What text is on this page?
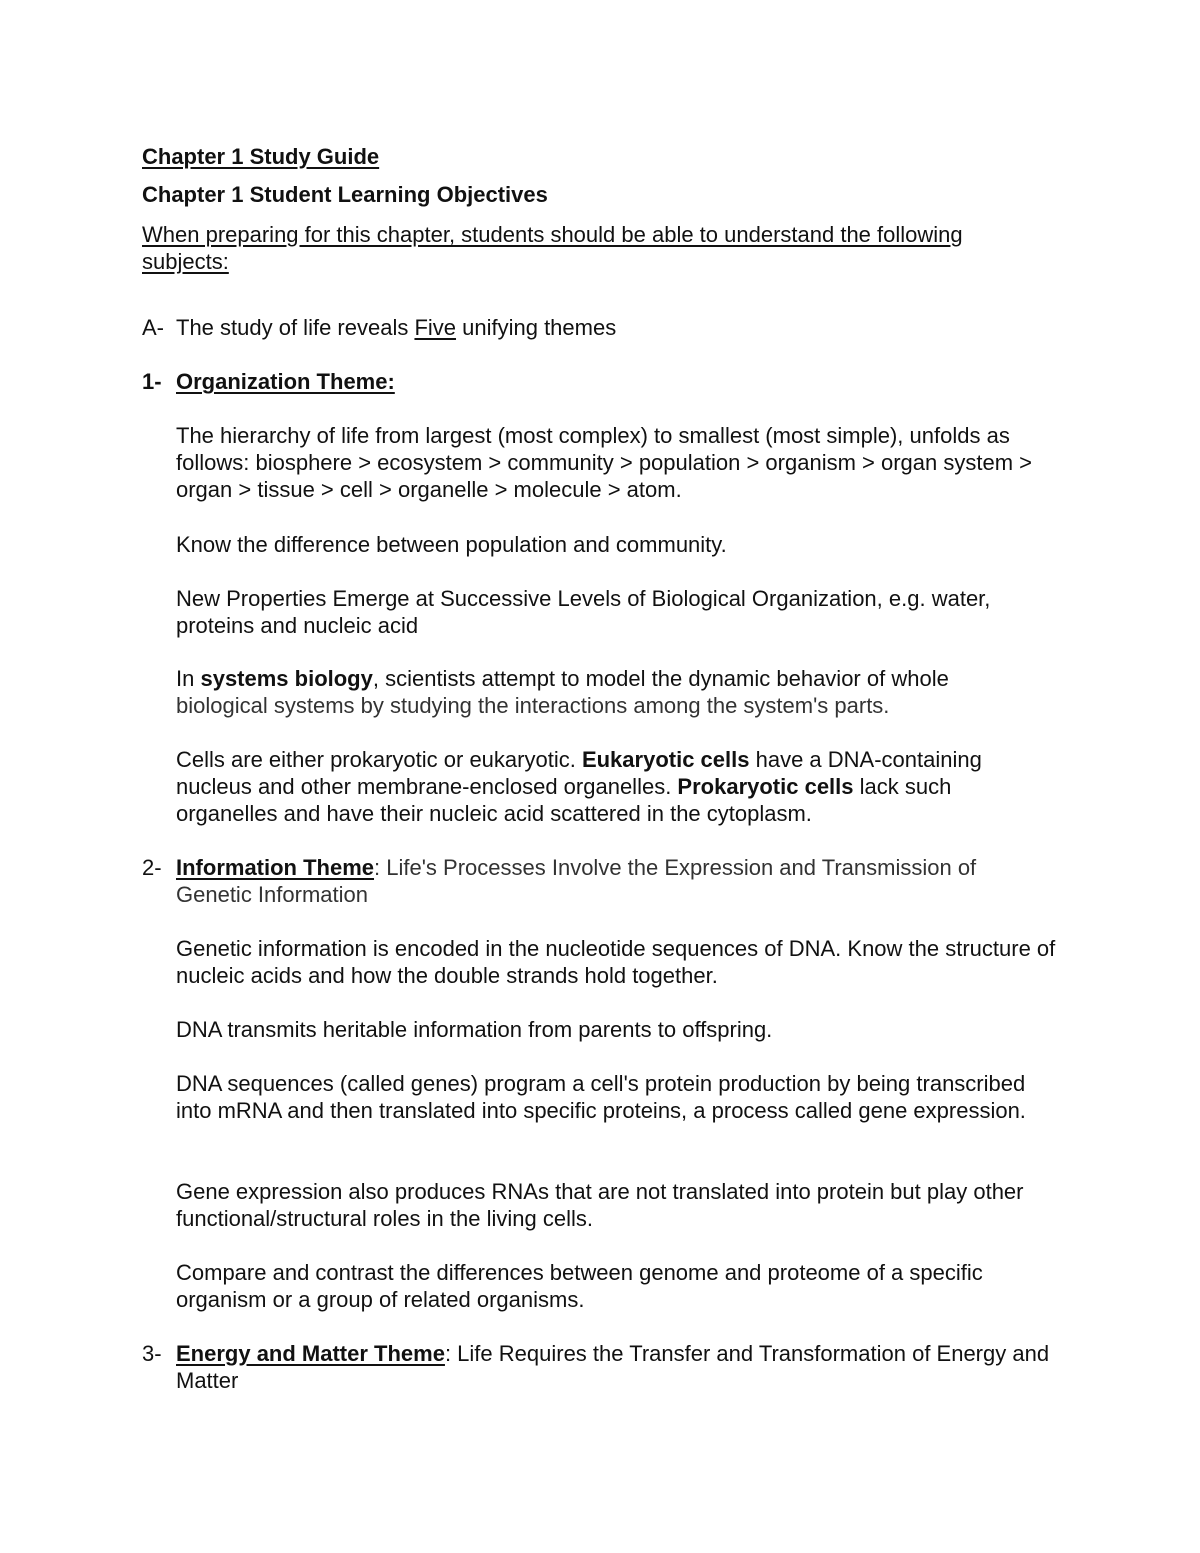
Chapter 1 Study Guide
Chapter 1 Student Learning Objectives
When preparing for this chapter, students should be able to understand the following subjects:
A- The study of life reveals Five unifying themes
1- Organization Theme:
The hierarchy of life from largest (most complex) to smallest (most simple), unfolds as follows: biosphere > ecosystem > community > population > organism > organ system > organ > tissue > cell > organelle > molecule > atom.
Know the difference between population and community.
New Properties Emerge at Successive Levels of Biological Organization, e.g. water, proteins and nucleic acid
In systems biology, scientists attempt to model the dynamic behavior of whole
biological systems by studying the interactions among the system's parts.
Cells are either prokaryotic or eukaryotic. Eukaryotic cells have a DNA-containing nucleus and other membrane-enclosed organelles. Prokaryotic cells lack such organelles and have their nucleic acid scattered in the cytoplasm.
2- Information Theme: Life's Processes Involve the Expression and Transmission of Genetic Information
Genetic information is encoded in the nucleotide sequences of DNA. Know the structure of nucleic acids and how the double strands hold together.
DNA transmits heritable information from parents to offspring.
DNA sequences (called genes) program a cell's protein production by being transcribed into mRNA and then translated into specific proteins, a process called gene expression.
Gene expression also produces RNAs that are not translated into protein but play other functional/structural roles in the living cells.
Compare and contrast the differences between genome and proteome of a specific organism or a group of related organisms.
3- Energy and Matter Theme: Life Requires the Transfer and Transformation of Energy and Matter
